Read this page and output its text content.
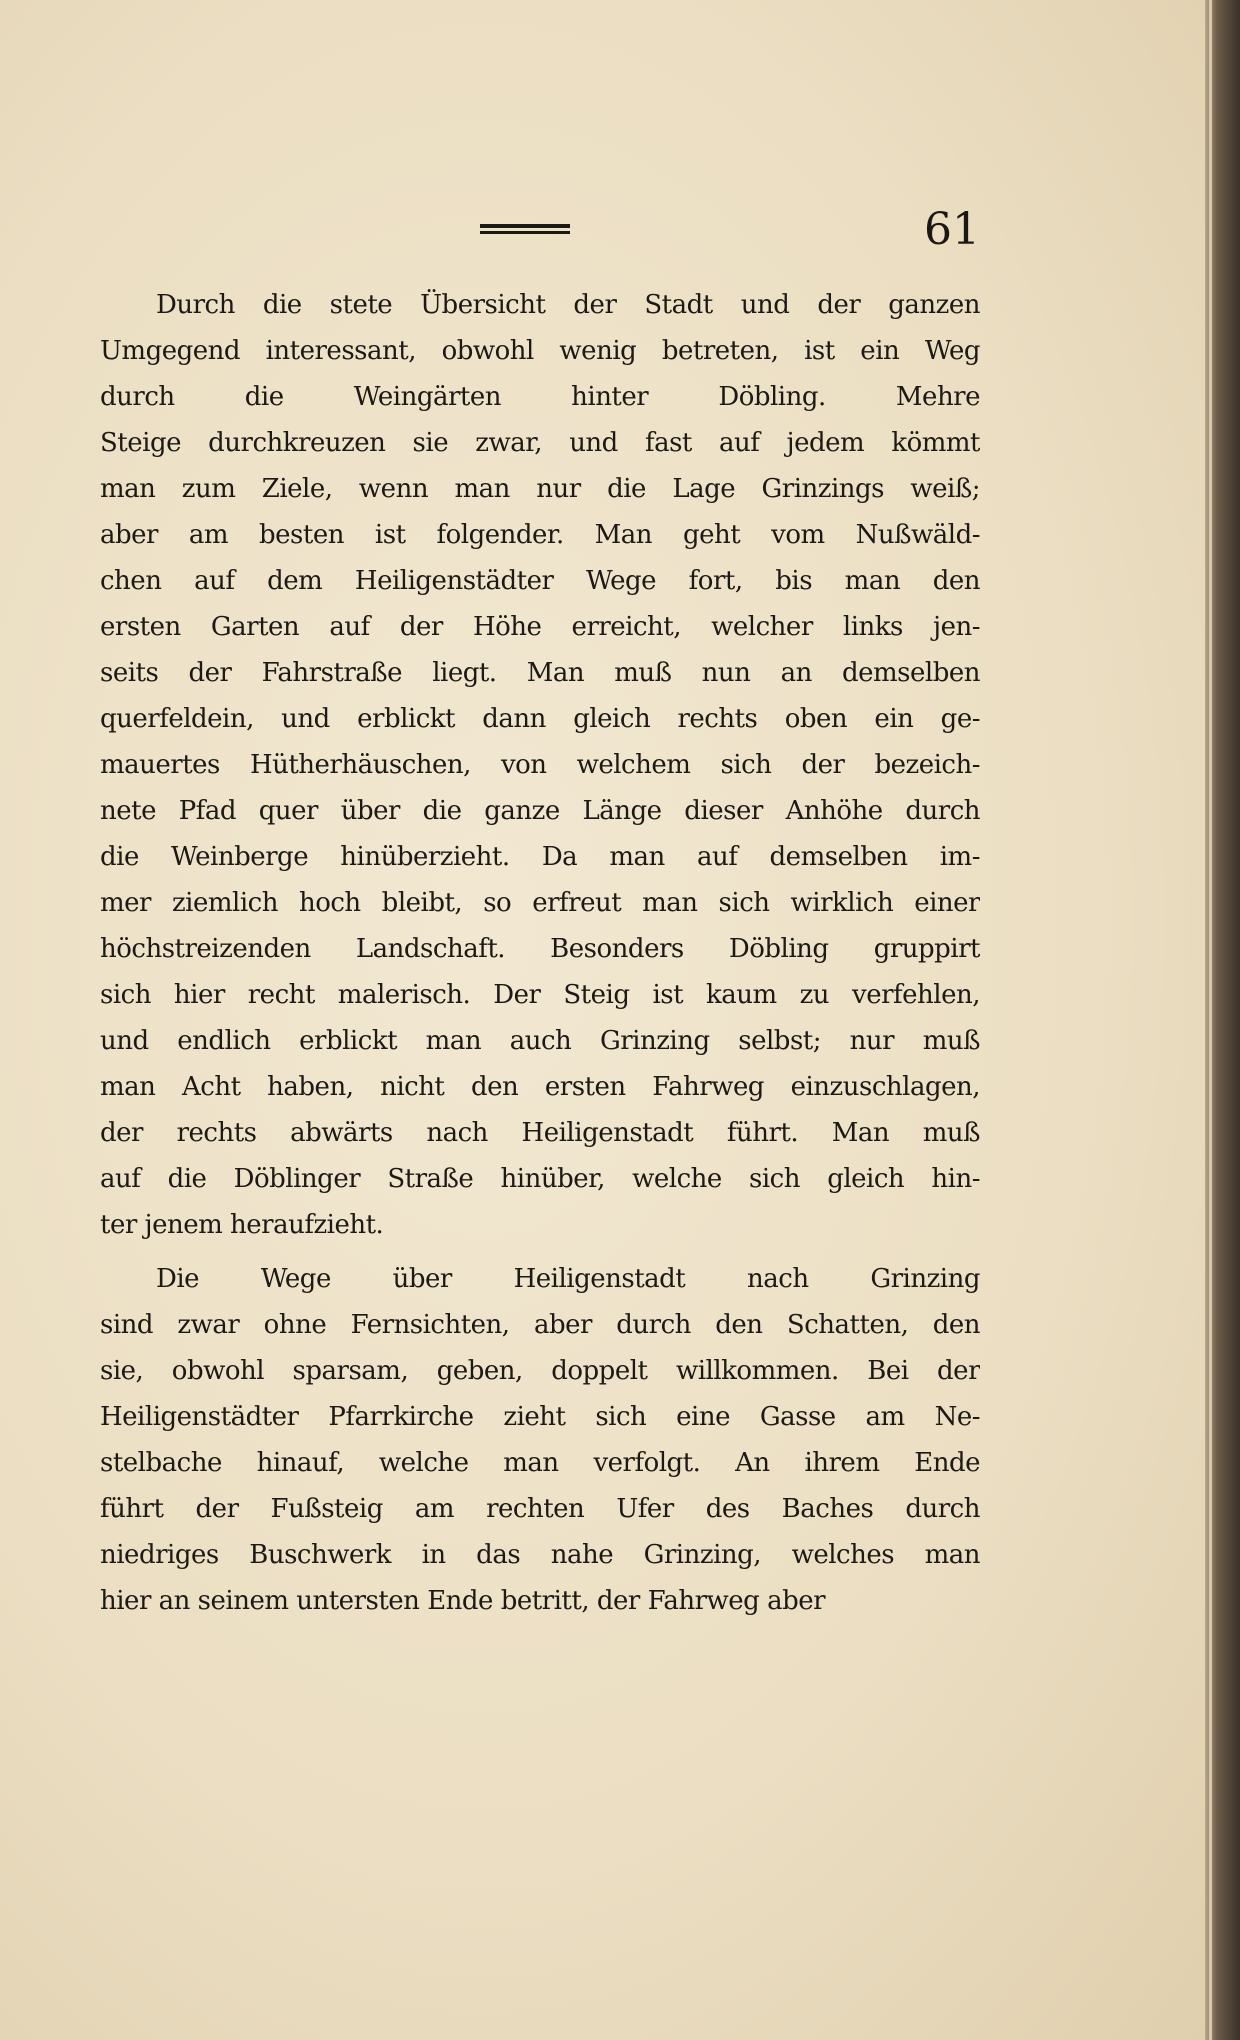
61
Durch die stete Übersicht der Stadt und der ganzen
Umgegend interessant, obwohl wenig betreten, ist ein Weg
durch die Weingärten hinter Döbling. Mehre
Steige durchkreuzen sie zwar, und fast auf jedem kömmt
man zum Ziele, wenn man nur die Lage Grinzings weiß;
aber am besten ist folgender. Man geht vom Nußwäld-
chen auf dem Heiligenstädter Wege fort, bis man den
ersten Garten auf der Höhe erreicht, welcher links jen-
seits der Fahrstraße liegt. Man muß nun an demselben
querfeldein, und erblickt dann gleich rechts oben ein ge-
mauertes Hütherhäuschen, von welchem sich der bezeich-
nete Pfad quer über die ganze Länge dieser Anhöhe durch
die Weinberge hinüberzieht. Da man auf demselben im-
mer ziemlich hoch bleibt, so erfreut man sich wirklich einer
höchstreizenden Landschaft. Besonders Döbling gruppirt
sich hier recht malerisch. Der Steig ist kaum zu verfehlen,
und endlich erblickt man auch Grinzing selbst; nur muß
man Acht haben, nicht den ersten Fahrweg einzuschlagen,
der rechts abwärts nach Heiligenstadt führt. Man muß
auf die Döblinger Straße hinüber, welche sich gleich hin-
ter jenem heraufzieht.
Die Wege über Heiligenstadt nach Grinzing
sind zwar ohne Fernsichten, aber durch den Schatten, den
sie, obwohl sparsam, geben, doppelt willkommen. Bei der
Heiligenstädter Pfarrkirche zieht sich eine Gasse am Ne-
stelbache hinauf, welche man verfolgt. An ihrem Ende
führt der Fußsteig am rechten Ufer des Baches durch
niedriges Buschwerk in das nahe Grinzing, welches man
hier an seinem untersten Ende betritt, der Fahrweg aber
